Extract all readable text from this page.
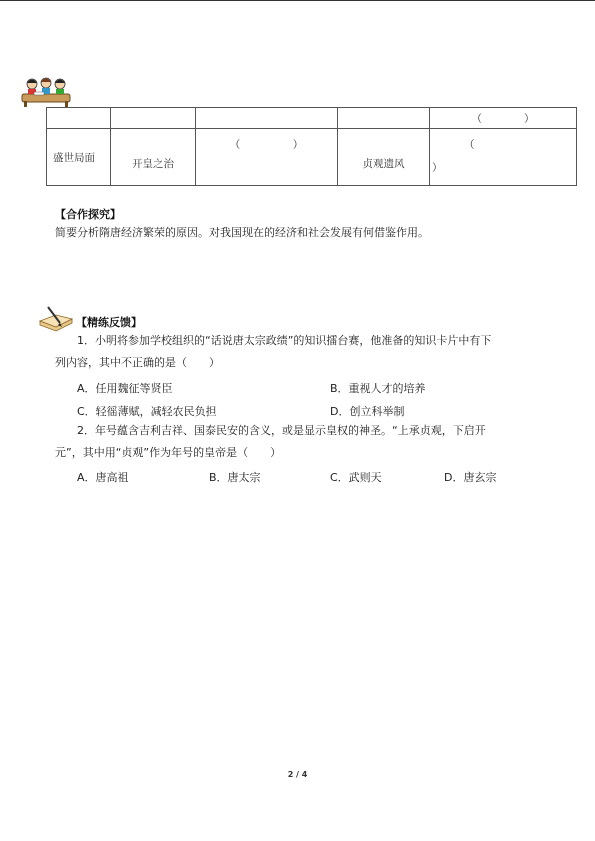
				（　　　　）
盛世局面	开皇之治	（　　　　　）	贞观遗风	（
）
【合作探究】
简要分析隋唐经济繁荣的原因。对我国现在的经济和社会发展有何借鉴作用。
【精练反馈】
1．小明将参加学校组织的“话说唐太宗政绩”的知识擂台赛，他准备的知识卡片中有下
列内容，其中不正确的是（　　）
A．任用魏征等贤臣	B．重视人才的培养
C．轻徭薄赋，减轻农民负担	D．创立科举制
2．年号蕴含吉利吉祥、国泰民安的含义，或是显示皇权的神圣。“上承贞观，下启开
元”，其中用“贞观”作为年号的皇帝是（　　）
A．唐高祖	B．唐太宗	C．武则天	D．唐玄宗
2 / 4
